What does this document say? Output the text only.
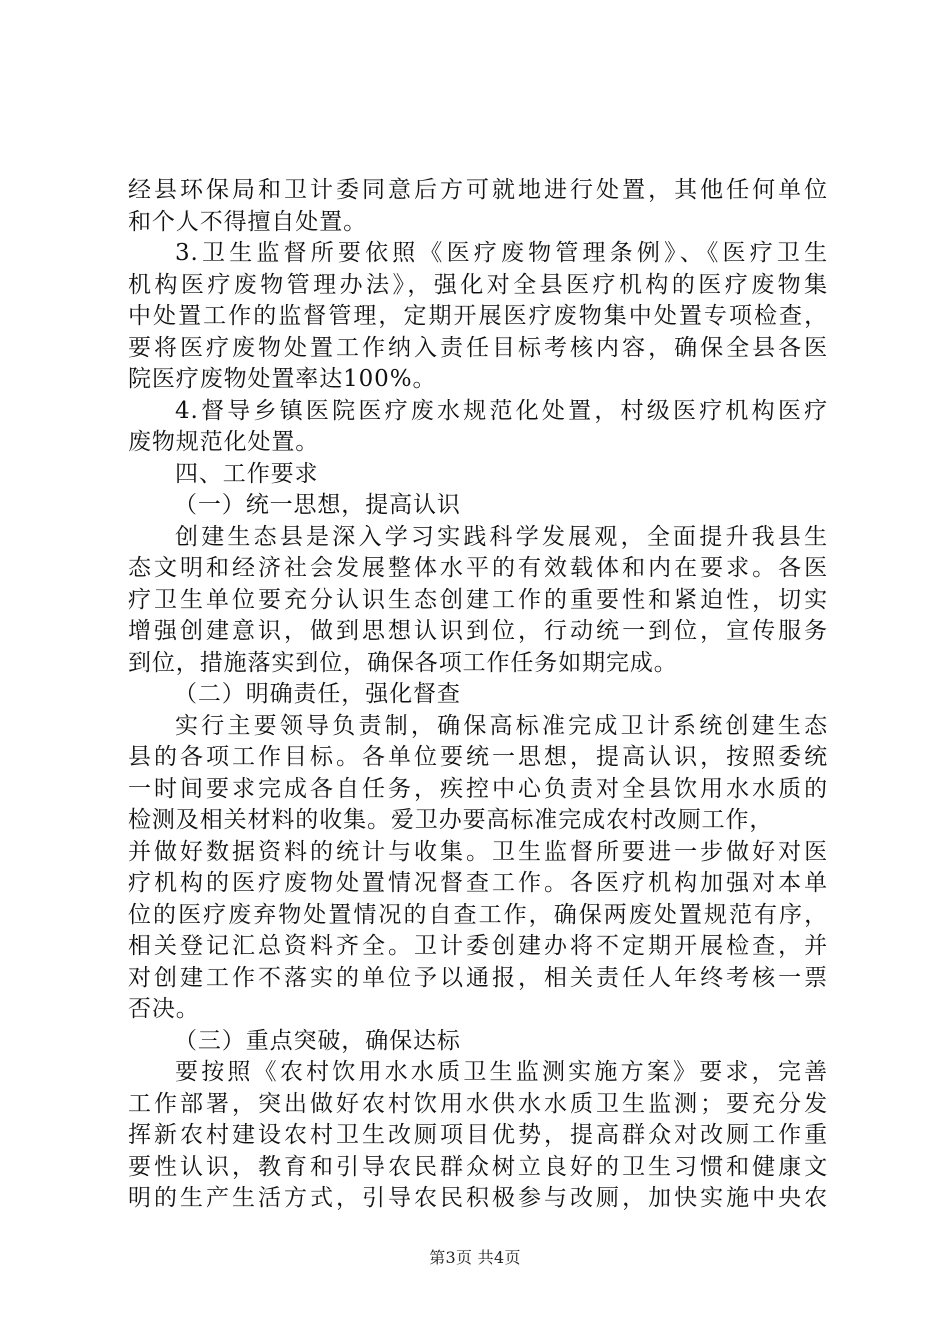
经县环保局和卫计委同意后方可就地进行处置，其他任何单位
和个人不得擅自处置。
3.卫生监督所要依照《医疗废物管理条例》、《医疗卫生
机构医疗废物管理办法》，强化对全县医疗机构的医疗废物集
中处置工作的监督管理，定期开展医疗废物集中处置专项检查，
要将医疗废物处置工作纳入责任目标考核内容，确保全县各医
院医疗废物处置率达100%。
4.督导乡镇医院医疗废水规范化处置，村级医疗机构医疗
废物规范化处置。
四、工作要求
（一）统一思想，提高认识
创建生态县是深入学习实践科学发展观，全面提升我县生
态文明和经济社会发展整体水平的有效载体和内在要求。各医
疗卫生单位要充分认识生态创建工作的重要性和紧迫性，切实
增强创建意识，做到思想认识到位，行动统一到位，宣传服务
到位，措施落实到位，确保各项工作任务如期完成。
（二）明确责任，强化督查
实行主要领导负责制，确保高标准完成卫计系统创建生态
县的各项工作目标。各单位要统一思想，提高认识，按照委统
一时间要求完成各自任务，疾控中心负责对全县饮用水水质的
检测及相关材料的收集。爱卫办要高标准完成农村改厕工作，
并做好数据资料的统计与收集。卫生监督所要进一步做好对医
疗机构的医疗废物处置情况督查工作。各医疗机构加强对本单
位的医疗废弃物处置情况的自查工作，确保两废处置规范有序，
相关登记汇总资料齐全。卫计委创建办将不定期开展检查，并
对创建工作不落实的单位予以通报，相关责任人年终考核一票
否决。
（三）重点突破，确保达标
要按照《农村饮用水水质卫生监测实施方案》要求，完善
工作部署，突出做好农村饮用水供水水质卫生监测；要充分发
挥新农村建设农村卫生改厕项目优势，提高群众对改厕工作重
要性认识，教育和引导农民群众树立良好的卫生习惯和健康文
明的生产生活方式，引导农民积极参与改厕，加快实施中央农
第3页 共4页
